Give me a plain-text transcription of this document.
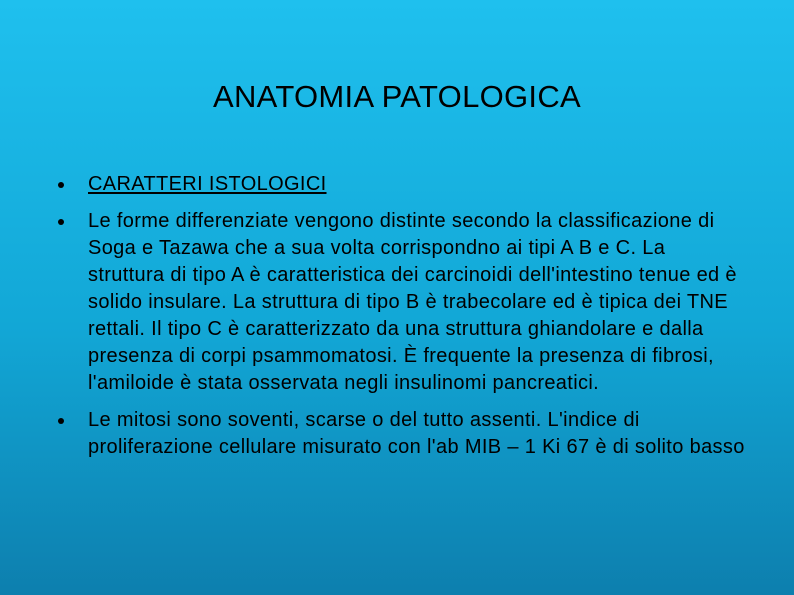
ANATOMIA PATOLOGICA
CARATTERI ISTOLOGICI
Le forme differenziate vengono distinte secondo la classificazione di Soga e Tazawa che a sua volta corrispondno ai tipi A B e C. La struttura di tipo A è caratteristica dei carcinoidi dell'intestino tenue ed è solido insulare. La struttura di tipo B è trabecolare ed è tipica dei TNE rettali. Il tipo C è caratterizzato da una struttura ghiandolare e dalla presenza di corpi psammomatosi. È frequente la presenza di fibrosi, l'amiloide è stata osservata negli insulinomi pancreatici.
Le mitosi sono soventi, scarse o del tutto assenti. L'indice di proliferazione cellulare misurato con l'ab MIB – 1 Ki 67 è di solito basso
